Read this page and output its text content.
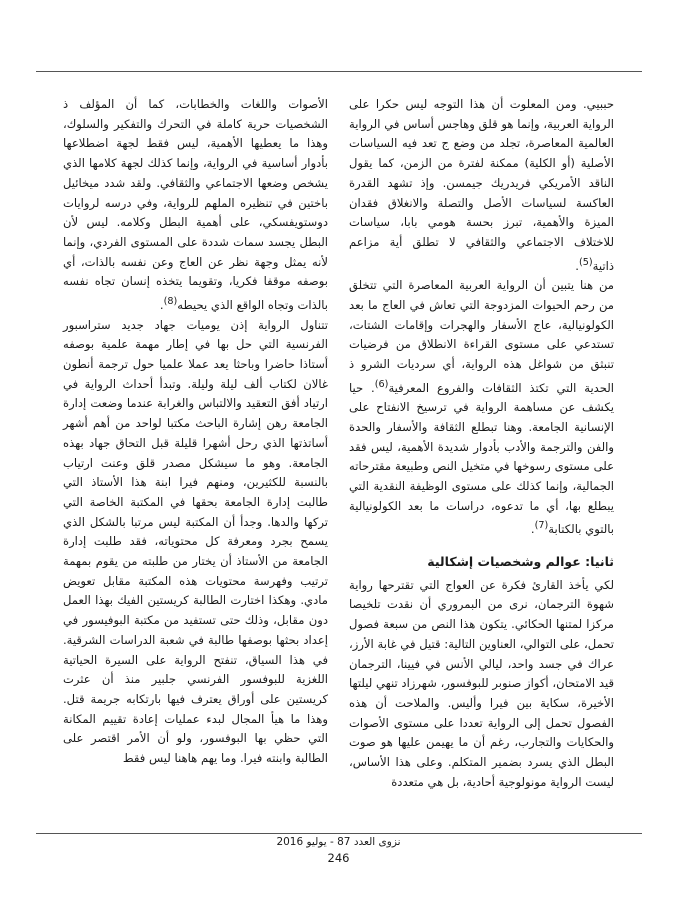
حببيي. ومن المعلوت أن هذا التوجه ليس حكرا على الرواية العربية، وإنما هو قلق وهاجس أساس في الرواية العالمية المعاصرة، تجلد من وضع ج تعد فيه السياسات الأصلية (أو الكلية) ممكنة لفترة من الزمن، كما يقول الناقد الأمريكي فريدريك جيمسن. وإذ تشهد القدرة العاكسة لسياسات الأصل والتصلة والانغلاق فقدان الميزة والأهمية، تبرز بحسة هومي بابا، سياسات للاختلاف الاجتماعي والثقافي لا تطلق أية مزاعم ذاتية$^{(5)}$.

من هنا يتبين أن الرواية العربية المعاصرة التي تتخلق من رحم الحيوات المزدوجة التي تعاش في العاج ما بعد الكولونيالية، عاج الأسفار والهجرات وإقامات الشتات، تستدعي على مستوى القراءة الانطلاق من فرضيات تنبثق من شواغل هذه الرواية، أي سرديات الشرو ذ الحدية التي تكتذ الثقافات والفروع المعرفية$^{(6)}$. حيا يكشف عن مساهمة الرواية في ترسيخ الانفتاح على الإنسانية الجامعة. وهنا تبطلع الثقافة والأسفار والحدة والفن والترجمة والأدب بأدوار شديدة الأهمية، ليس فقد على مستوى رسوخها في متخيل النص وطبيعة مقترحاته الجمالية، وإنما كذلك على مستوى الوظيفة النقدية التي يبطلع بها، أي ما تدعوه، دراسات ما بعد الكولونيالية بالتوي بالكتابة$^{(7)}$.

ثانيا: عوالم وشخصيات إشكالية

لكي يأخذ القارئ فكرة عن العواج التي تقترحها رواية شهوة الترجمان، نرى من البمروري أن نقدت تلخيصا مركزا لمتنها الحكائي. يتكون هذا النص من سبعة فصول تحمل، على التوالي، العناوين التالية: قتيل في غابة الأرز، عراك في جسد واحد، ليالي الأنس في فيينا، الترجمان قيد الامتحان، أكواز صنوبر للبوفسور، شهرزاد تنهي ليلتها الأخيرة، سكاية بين فيرا وأليس. والملاحت أن هذه الفصول تحمل إلى الرواية تعددا على مستوى الأصوات والحكايات والتجارب، رغم أن ما يهيمن عليها هو صوت البطل الذي يسرد بضمير المتكلم. وعلى هذا الأساس، ليست الرواية مونولوجية أحادية، بل هي متعددة

الأصوات واللغات والخطابات، كما أن المؤلف ذ الشخصيات حرية كاملة في التحرك والتفكير والسلوك، وهذا ما يعطيها الأهمية، ليس فقط لجهة اضطلاعها بأدوار أساسية في الرواية، وإنما كذلك لجهة كلامها الذي يشخص وضعها الاجتماعي والثقافي. ولقد شدد ميخائيل باختين في تنظيره الملهم للرواية، وفي درسه لروايات دوستويفسكي، على أهمية البطل وكلامه. ليس لأن البطل يجسد سمات شددة على المستوى الفردي، وإنما لأنه يمثل وجهة نظر عن العاج وعن نفسه بالذات، أي بوصفه موقفا فكريا، وتقويما يتخذه إنسان تجاه نفسه بالذات وتجاه الواقع الذي يحيطه$^{(8)}$.

تتناول الرواية إذن يوميات جهاد جديد ستراسبور الفرنسية التي حل بها في إطار مهمة علمية بوصفه أستاذا حاضرا وباحثا يعد عملا علميا حول ترجمة أنطون غالان لكتاب ألف ليلة وليلة. وتبدأ أحداث الرواية في ارتياد أفق التعقيد والالتباس والغرابة عندما وضعت إدارة الجامعة رهن إشارة الباحث مكتبا لواحد من أهم أشهر أساتذتها الذي رحل أشهرا قليلة قبل التحاق جهاد بهذه الجامعة. وهو ما سيشكل مصدر قلق وعنت ارتياب بالنسبة للكثيرين، ومنهم فيرا ابنة هذا الأستاذ التي طالبت إدارة الجامعة بحقها في المكتبة الخاصة التي تركها والدها. وجدأ أن المكتبة ليس مرتبا بالشكل الذي يسمح بجرد ومعرفة كل محتوياته، فقد طلبت إدارة الجامعة من الأستاذ أن يختار من طلبته من يقوم بمهمة ترتيب وفهرسة محتويات هذه المكتبة مقابل تعويض مادي. وهكذا اختارت الطالبة كريستين الفيك بهذا العمل دون مقابل، وذلك حتى تستفيد من مكتبة البوفيسور في إعداد بحثها بوصفها طالبة في شعبة الدراسات الشرقية. في هذا السياق، تنفتح الرواية على السيرة الحياتية اللغزية للبوفسور الفرنسي جلبير منذ أن عثرت كريستين على أوراق يعترف فيها بارتكابه جريمة قتل. وهذا ما هيأ المجال لبدء عمليات إعادة تقييم المكانة التي حظي بها البوفسور، ولو أن الأمر اقتصر على الطالبة وابنته فيرا. وما يهم هاهنا ليس فقط

نزوى العدد 87 - يوليو 2016
246
